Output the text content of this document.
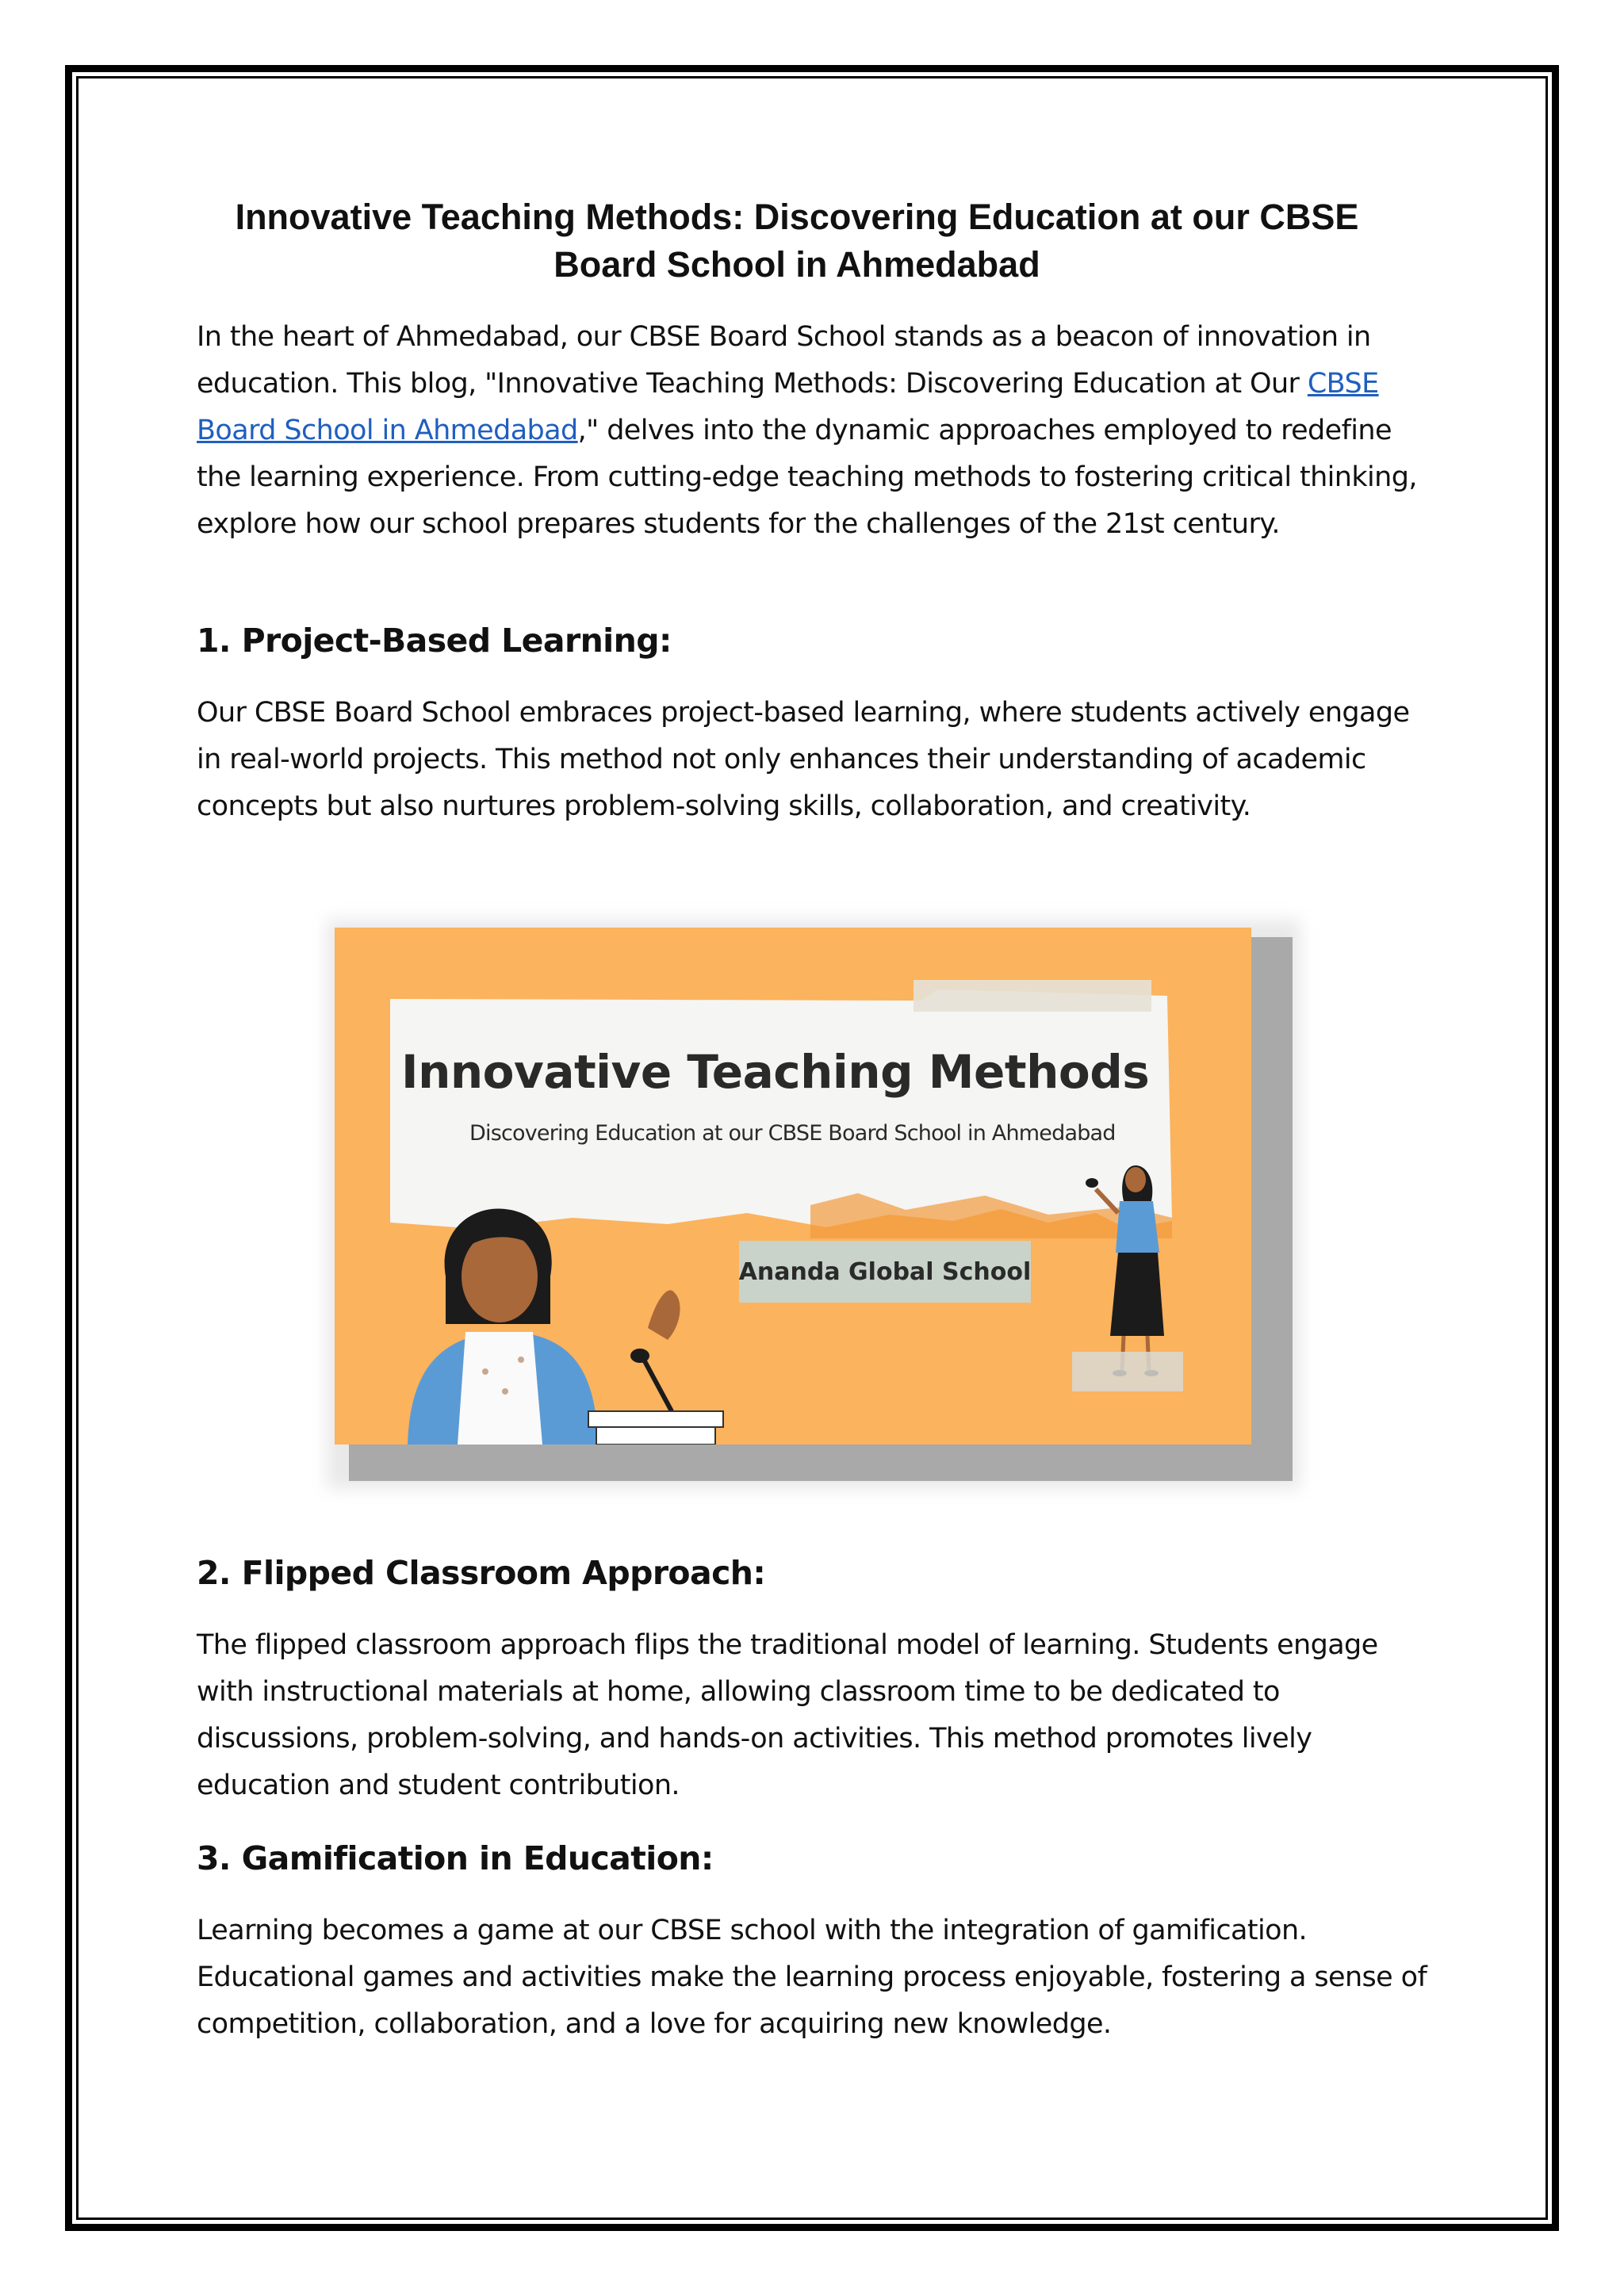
Innovative Teaching Methods: Discovering Education at our CBSE Board School in Ahmedabad

In the heart of Ahmedabad, our CBSE Board School stands as a beacon of innovation in education. This blog, "Innovative Teaching Methods: Discovering Education at Our CBSE Board School in Ahmedabad," delves into the dynamic approaches employed to redefine the learning experience. From cutting-edge teaching methods to fostering critical thinking, explore how our school prepares students for the challenges of the 21st century.

1. Project-Based Learning:

Our CBSE Board School embraces project-based learning, where students actively engage in real-world projects. This method not only enhances their understanding of academic concepts but also nurtures problem-solving skills, collaboration, and creativity.

Innovative Teaching Methods
Discovering Education at our CBSE Board School in Ahmedabad
Ananda Global School
2. Flipped Classroom Approach:

The flipped classroom approach flips the traditional model of learning. Students engage with instructional materials at home, allowing classroom time to be dedicated to discussions, problem-solving, and hands-on activities. This method promotes lively education and student contribution.

3. Gamification in Education:

Learning becomes a game at our CBSE school with the integration of gamification. Educational games and activities make the learning process enjoyable, fostering a sense of competition, collaboration, and a love for acquiring new knowledge.
